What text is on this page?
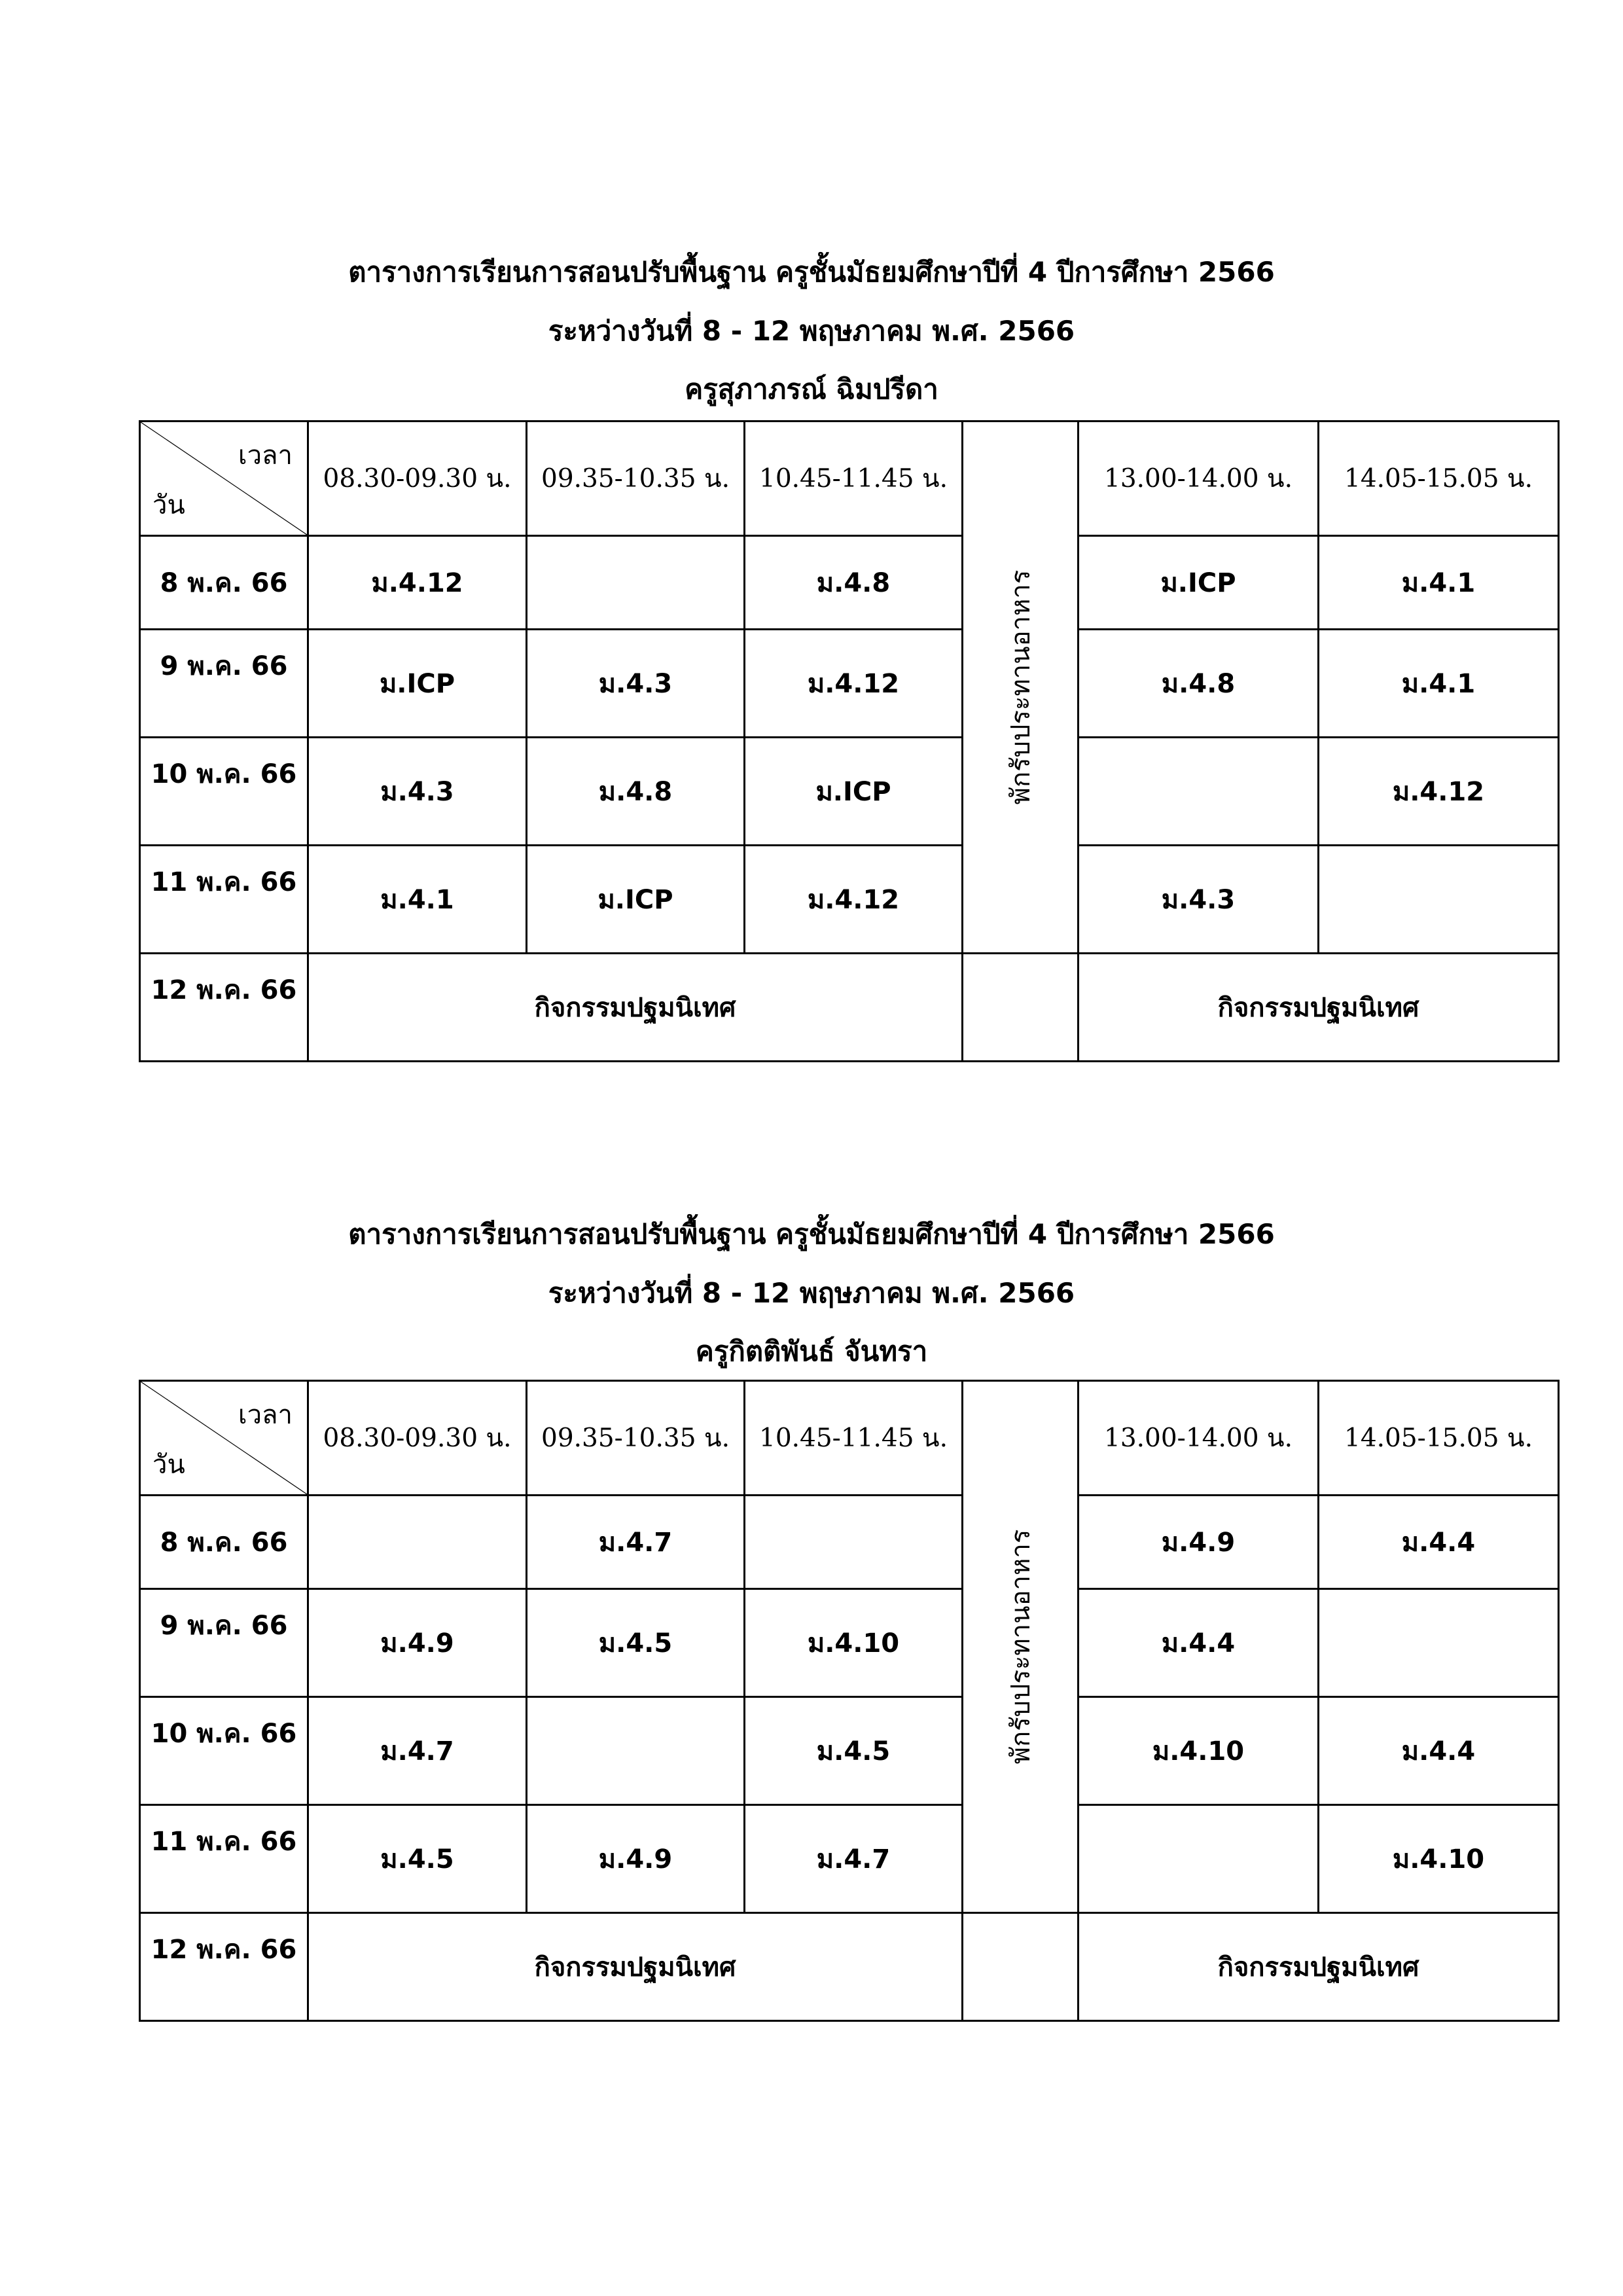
ตารางการเรียนการสอนปรับพื้นฐาน ครูชั้นมัธยมศึกษาปีที่ 4 ปีการศึกษา 2566
ระหว่างวันที่ 8 - 12 พฤษภาคม พ.ศ. 2566
ครูสุภาภรณ์ ฉิมปรีดา
เวลา
วัน	08.30-09.30 น.	09.35-10.35 น.	10.45-11.45 น.	พักรับประทานอาหาร	13.00-14.00 น.	14.05-15.05 น.
8 พ.ค. 66	ม.4.12		ม.4.8		ม.ICP	ม.4.1
9 พ.ค. 66	ม.ICP	ม.4.3	ม.4.12		ม.4.8	ม.4.1
10 พ.ค. 66	ม.4.3	ม.4.8	ม.ICP			ม.4.12
11 พ.ค. 66	ม.4.1	ม.ICP	ม.4.12		ม.4.3	
12 พ.ค. 66	กิจกรรมปฐมนิเทศ				กิจกรรมปฐมนิเทศ	
ตารางการเรียนการสอนปรับพื้นฐาน ครูชั้นมัธยมศึกษาปีที่ 4 ปีการศึกษา 2566
ระหว่างวันที่ 8 - 12 พฤษภาคม พ.ศ. 2566
ครูกิตติพันธ์ จันทรา
เวลา
วัน	08.30-09.30 น.	09.35-10.35 น.	10.45-11.45 น.	พักรับประทานอาหาร	13.00-14.00 น.	14.05-15.05 น.
8 พ.ค. 66		ม.4.7			ม.4.9	ม.4.4
9 พ.ค. 66	ม.4.9	ม.4.5	ม.4.10		ม.4.4	
10 พ.ค. 66	ม.4.7		ม.4.5		ม.4.10	ม.4.4
11 พ.ค. 66	ม.4.5	ม.4.9	ม.4.7			ม.4.10
12 พ.ค. 66	กิจกรรมปฐมนิเทศ				กิจกรรมปฐมนิเทศ	
